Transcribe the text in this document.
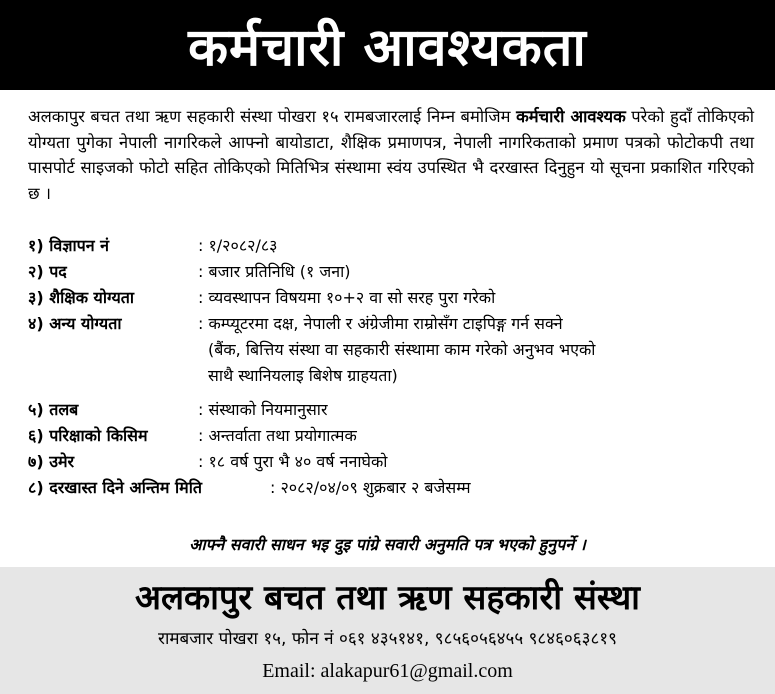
कर्मचारी आवश्यकता
अलकापुर बचत तथा ऋण सहकारी संस्था पोखरा १५ रामबजारलाई निम्न बमोजिम कर्मचारी आवश्यक परेको हुदाँ तोकिएको योग्यता पुगेका नेपाली नागरिकले आफ्नो बायोडाटा, शैक्षिक प्रमाणपत्र, नेपाली नागरिकताको प्रमाण पत्रको फोटोकपी तथा पासपोर्ट साइजको फोटो सहित तोकिएको मितिभित्र संस्थामा स्वंय उपस्थित भै दरखास्त दिनुहुन यो सूचना प्रकाशित गरिएको छ ।
१) विज्ञापन नं	: १/२०८२/८३
२) पद	: बजार प्रतिनिधि (१ जना)
३) शैक्षिक योग्यता	: व्यवस्थापन विषयमा १०+२ वा सो सरह पुरा गरेको
४) अन्य योग्यता	: कम्प्यूटरमा दक्ष, नेपाली र अंग्रेजीमा राम्रोसँग टाइपिङ्ग गर्न सक्ने
(बैंक, बित्तिय संस्था वा सहकारी संस्थामा काम गरेको अनुभव भएको
साथै स्थानियलाइ बिशेष ग्राहयता)
५) तलब	: संस्थाको नियमानुसार
६) परिक्षाको किसिम	: अन्तर्वाता तथा प्रयोगात्मक
७) उमेर	: १८ वर्ष पुरा भै ४० वर्ष ननाघेको
८) दरखास्त दिने अन्तिम मिति	: २०८२/०४/०९ शुक्रबार २ बजेसम्म
आफ्नै सवारी साधन भइ दुइ पांग्रे सवारी अनुमति पत्र भएको हुनुपर्ने ।
अलकापुर बचत तथा ऋण सहकारी संस्था
रामबजार पोखरा १५, फोन नं ०६१ ४३५१४१, ९८५६०५६४५५ ९८४६०६३८१९
Email: alakapur61@gmail.com
